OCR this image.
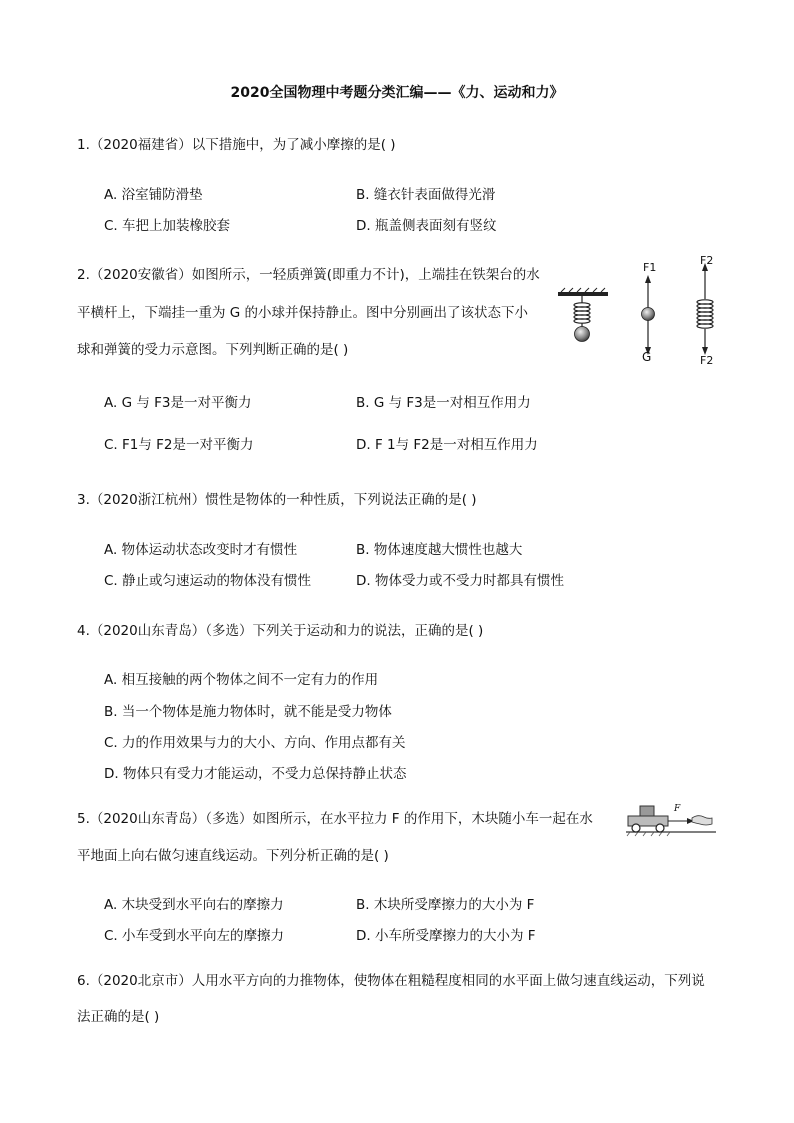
2020全国物理中考题分类汇编——《力、运动和力》
1.（2020福建省）以下措施中，为了减小摩擦的是( )
A. 浴室铺防滑垫	B. 缝衣针表面做得光滑
C. 车把上加装橡胶套	D. 瓶盖侧表面刻有竖纹
2.（2020安徽省）如图所示，一轻质弹簧(即重力不计)，上端挂在铁架台的水
平横杆上，下端挂一重为 G 的小球并保持静止。图中分别画出了该状态下小
球和弹簧的受力示意图。下列判断正确的是( )
F1
F2
G	F2
A. G 与 F3是一对平衡力	B. G 与 F3是一对相互作用力
C. F1与 F2是一对平衡力	D. F 1与 F2是一对相互作用力
3.（2020浙江杭州）惯性是物体的一种性质，下列说法正确的是( )
A. 物体运动状态改变时才有惯性	B. 物体速度越大惯性也越大
C. 静止或匀速运动的物体没有惯性	D. 物体受力或不受力时都具有惯性
4.（2020山东青岛）（多选）下列关于运动和力的说法，正确的是( )
A. 相互接触的两个物体之间不一定有力的作用
B. 当一个物体是施力物体时，就不能是受力物体
C. 力的作用效果与力的大小、方向、作用点都有关
D. 物体只有受力才能运动，不受力总保持静止状态
5.（2020山东青岛）（多选）如图所示，在水平拉力 F 的作用下，木块随小车一起在水
平地面上向右做匀速直线运动。下列分析正确的是( )
F
A. 木块受到水平向右的摩擦力	B. 木块所受摩擦力的大小为 F
C. 小车受到水平向左的摩擦力	D. 小车所受摩擦力的大小为 F
6.（2020北京市）人用水平方向的力推物体，使物体在粗糙程度相同的水平面上做匀速直线运动，下列说
法正确的是( )
